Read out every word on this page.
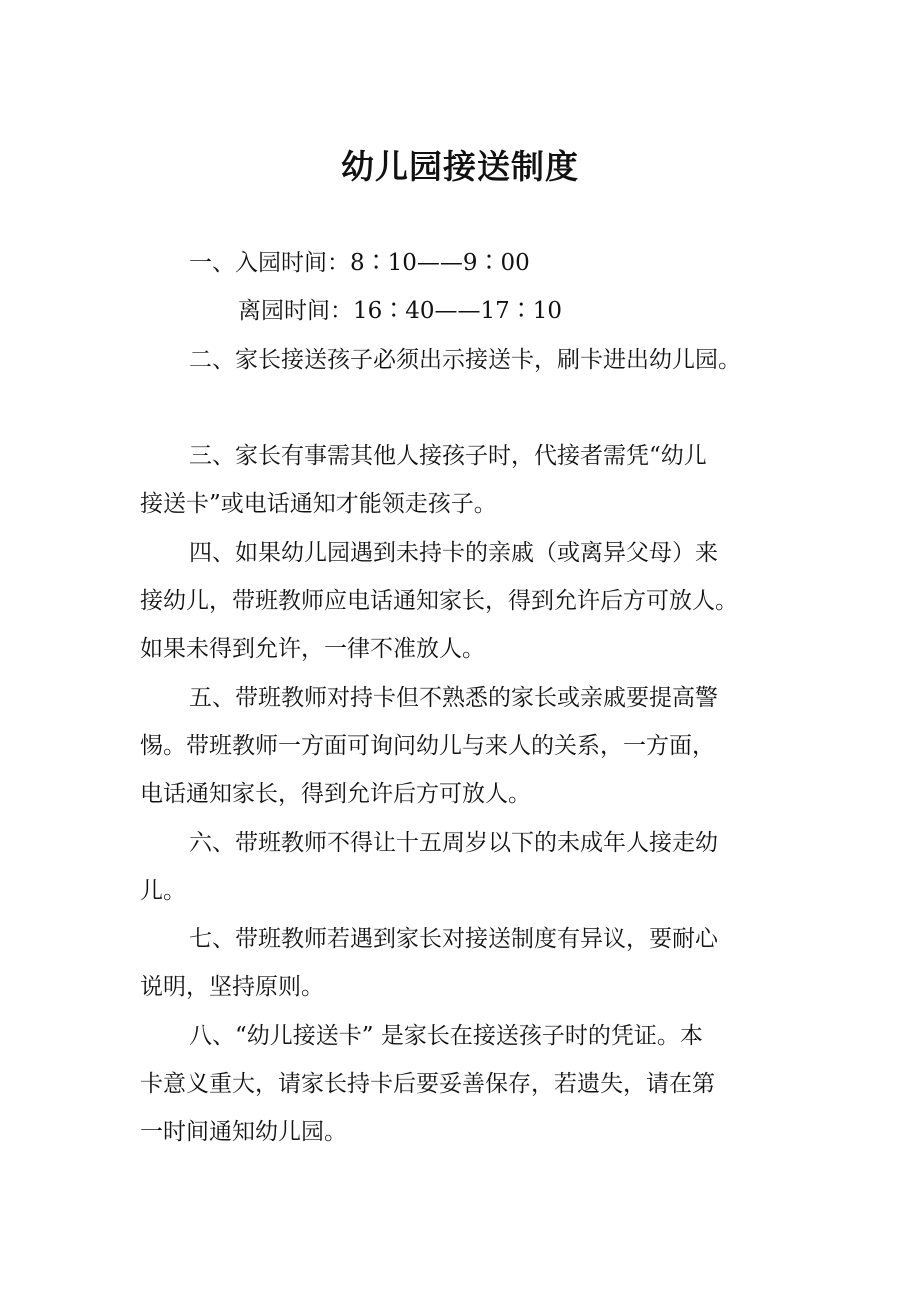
幼儿园接送制度
一、入园时间：8∶10——9∶00
离园时间：16∶40——17∶10
二、家长接送孩子必须出示接送卡，刷卡进出幼儿园。
三、家长有事需其他人接孩子时，代接者需凭“幼儿
接送卡”或电话通知才能领走孩子。
四、如果幼儿园遇到未持卡的亲戚（或离异父母）来
接幼儿，带班教师应电话通知家长，得到允许后方可放人。
如果未得到允许，一律不准放人。
五、带班教师对持卡但不熟悉的家长或亲戚要提高警
惕。带班教师一方面可询问幼儿与来人的关系，一方面，
电话通知家长，得到允许后方可放人。
六、带班教师不得让十五周岁以下的未成年人接走幼
儿。
七、带班教师若遇到家长对接送制度有异议，要耐心
说明，坚持原则。
八、“幼儿接送卡” 是家长在接送孩子时的凭证。本
卡意义重大，请家长持卡后要妥善保存，若遗失，请在第
一时间通知幼儿园。
